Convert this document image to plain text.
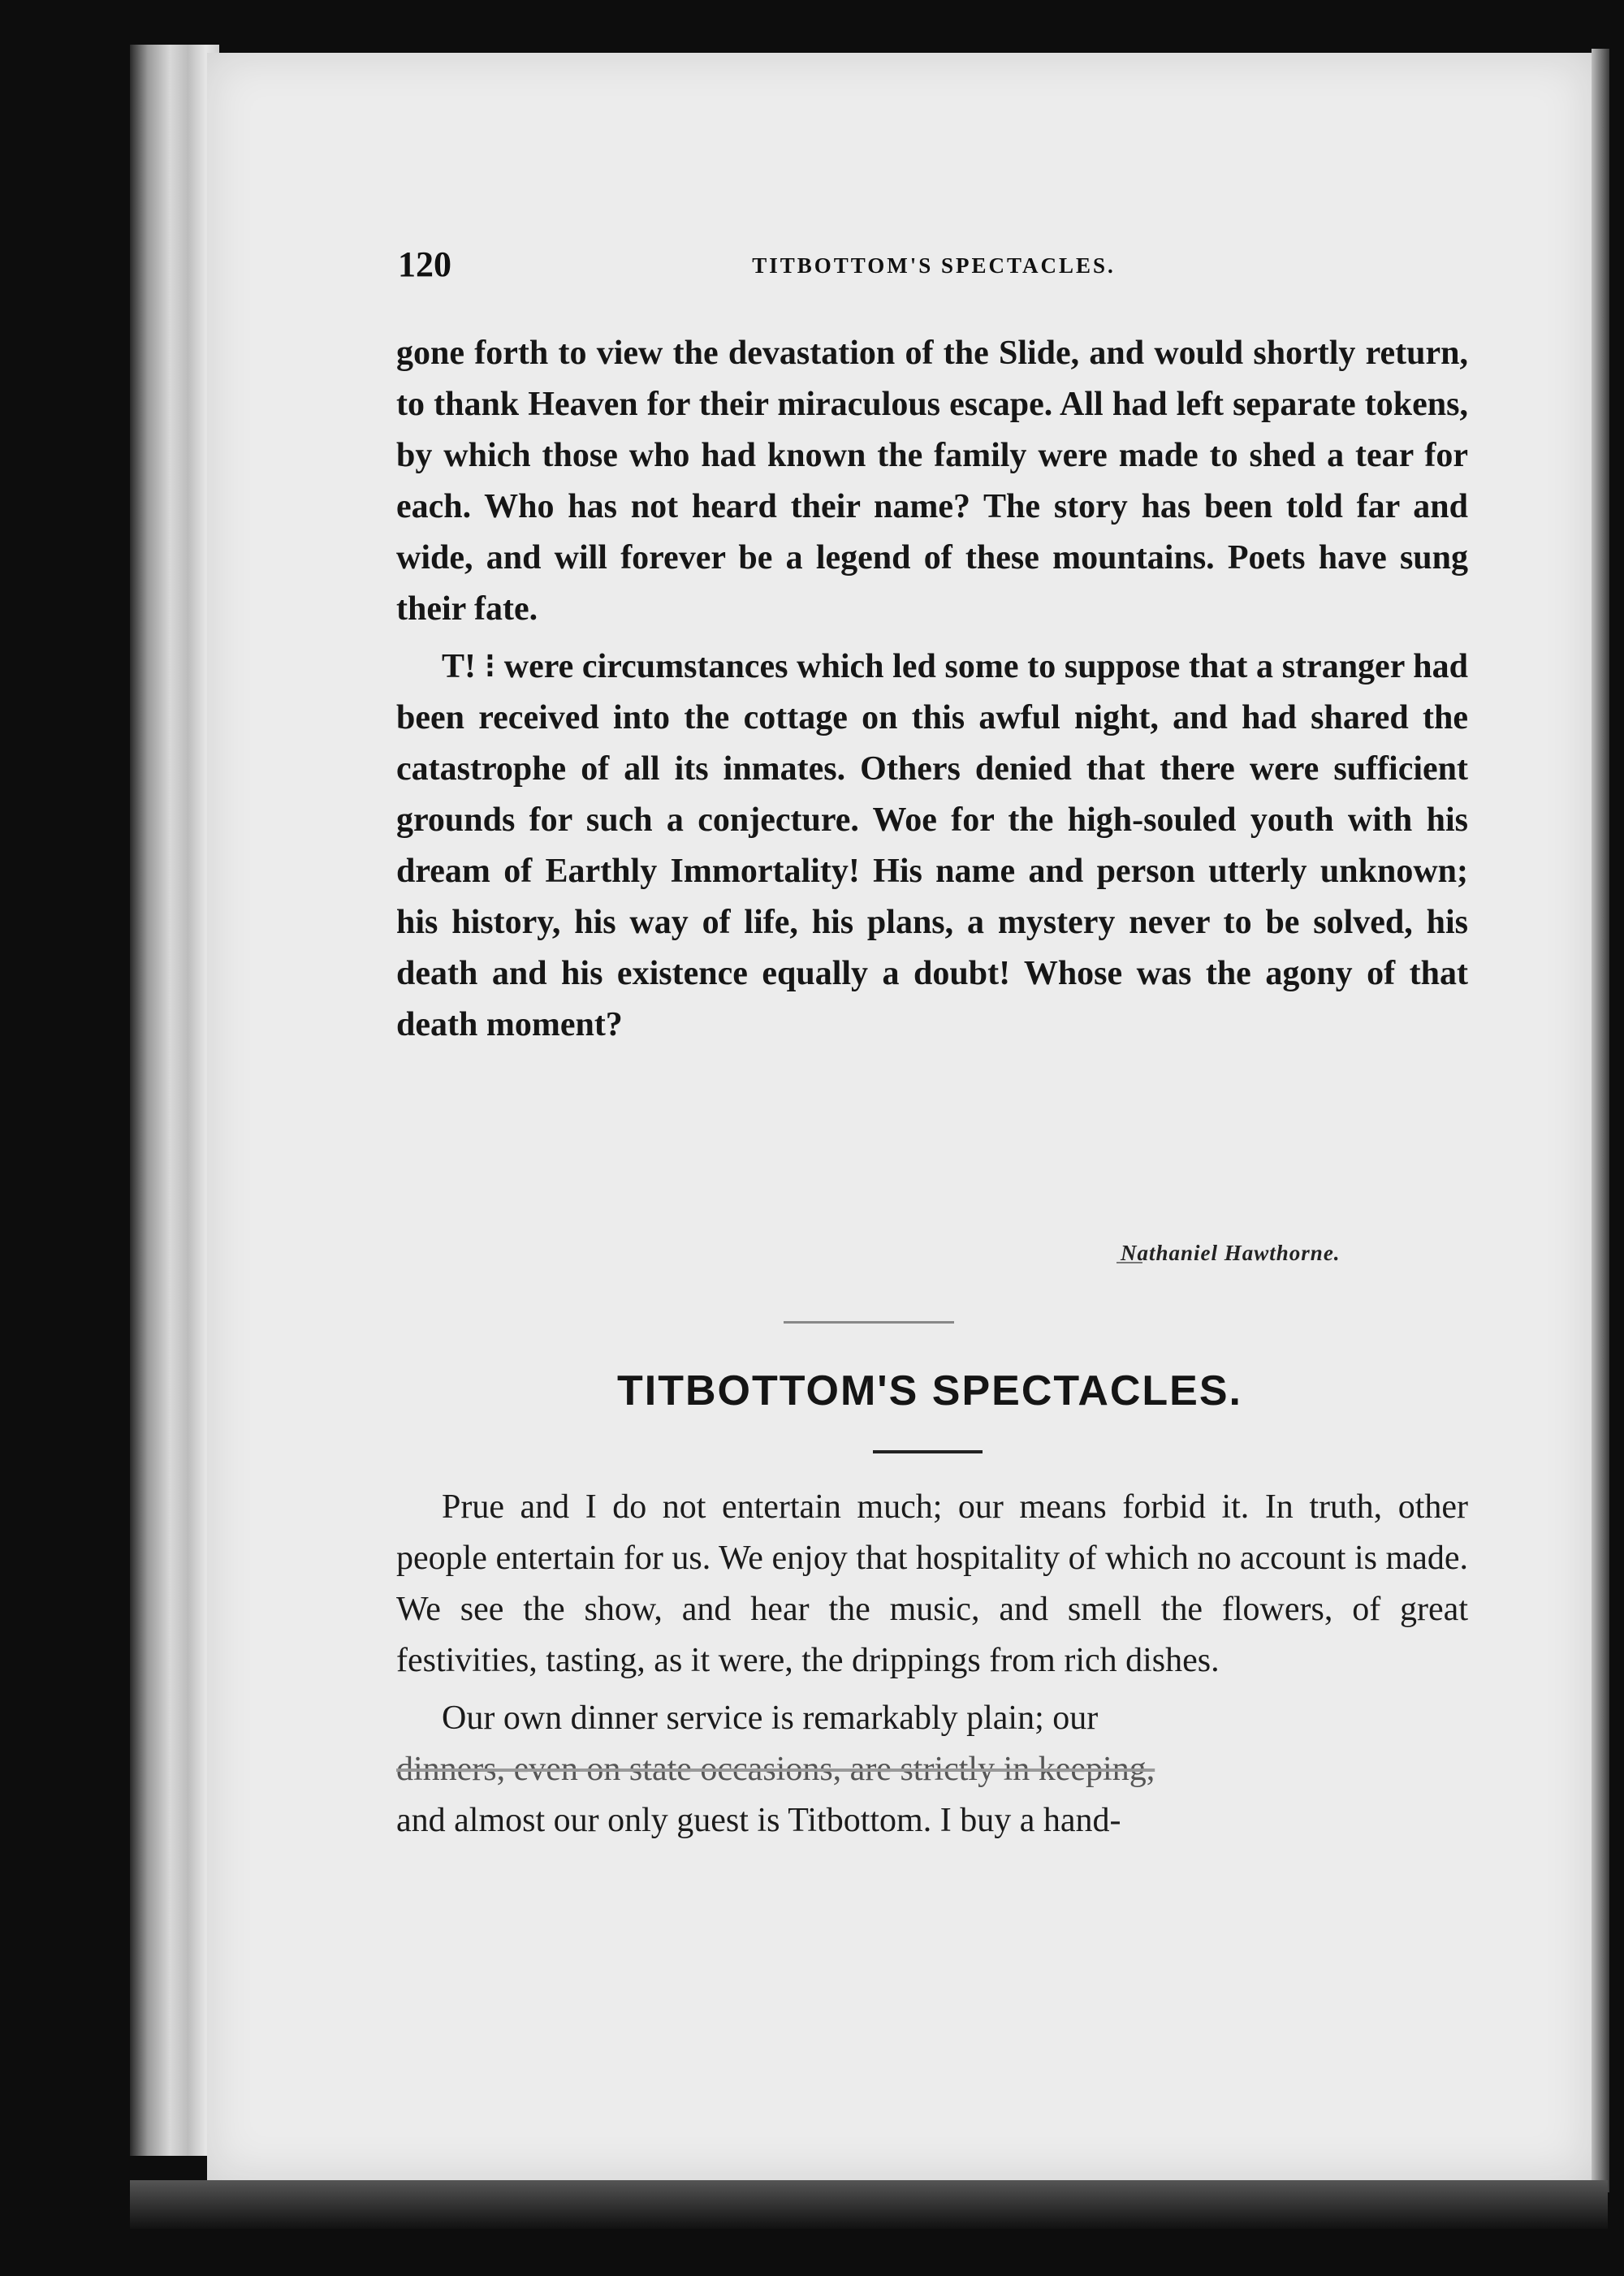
120	TITBOTTOM'S SPECTACLES.

gone forth to view the devastation of the Slide, and would shortly return, to thank Heaven for their miraculous escape. All had left separate tokens, by which those who had known the family were made to shed a tear for each. Who has not heard their name? The story has been told far and wide, and will forever be a legend of these mountains. Poets have sung their fate.

T! ⁝ were circumstances which led some to suppose that a stranger had been received into the cottage on this awful night, and had shared the catastrophe of all its inmates. Others denied that there were sufficient grounds for such a conjecture. Woe for the high-souled youth with his dream of Earthly Immortality! His name and person utterly unknown; his history, his way of life, his plans, a mystery never to be solved, his death and his existence equally a doubt! Whose was the agony of that death moment?

Nathaniel Hawthorne.
TITBOTTOM'S SPECTACLES.

Prue and I do not entertain much; our means forbid it. In truth, other people entertain for us. We enjoy that hospitality of which no account is made. We see the show, and hear the music, and smell the flowers, of great festivities, tasting, as it were, the drippings from rich dishes.

Our own dinner service is remarkably plain; our
dinners, even on state occasions, are strictly in keeping,
and almost our only guest is Titbottom. I buy a hand-
